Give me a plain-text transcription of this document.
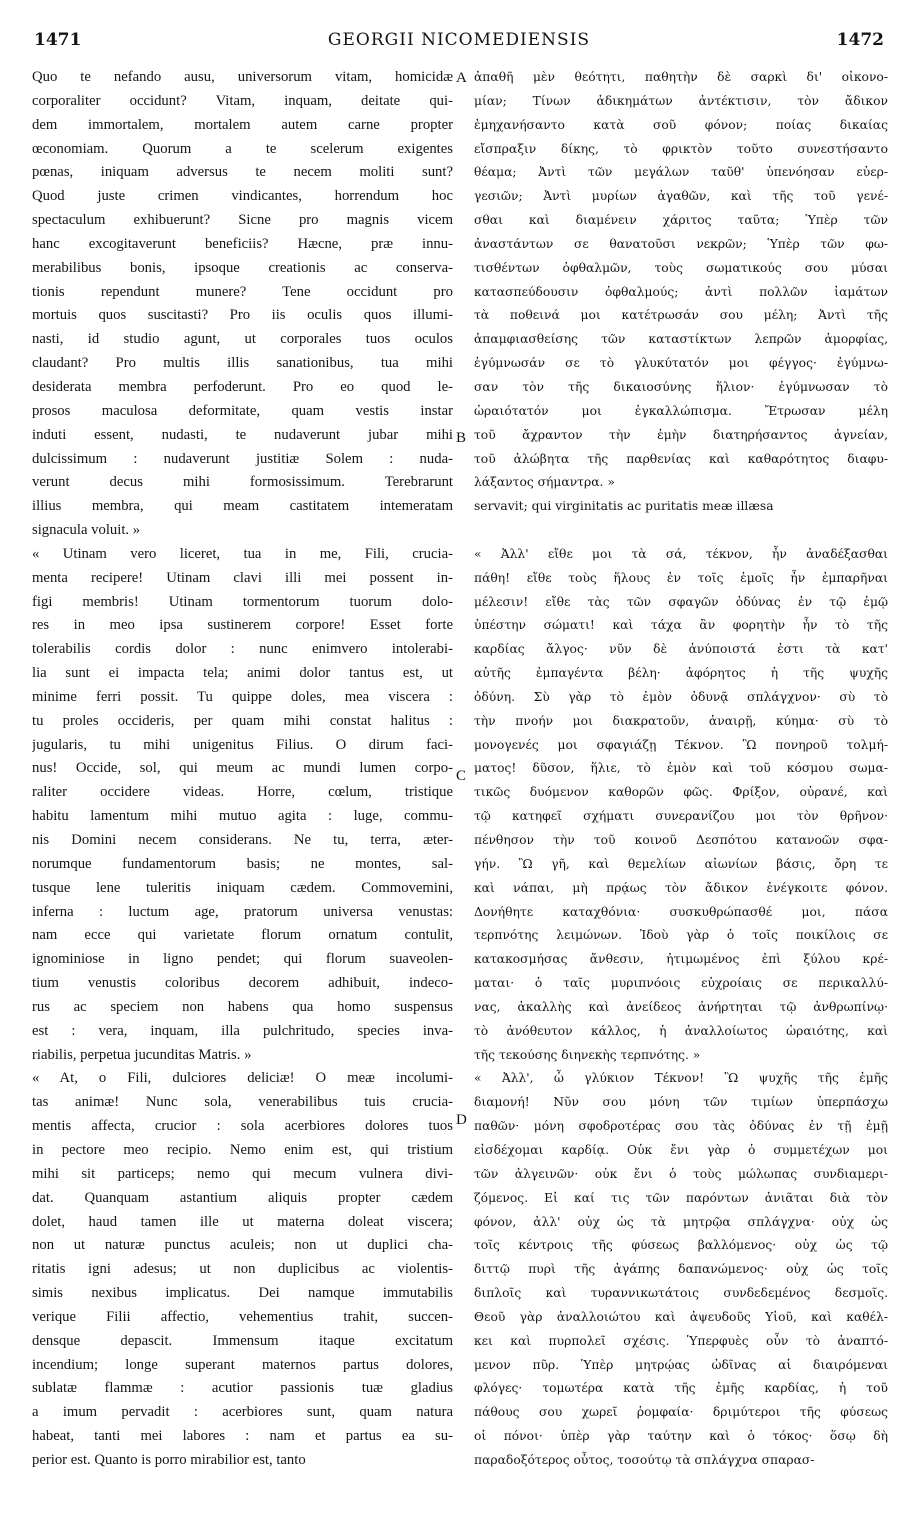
1471	GEORGII NICOMEDIENSIS	1472
Quo te nefando ausu, universorum vitam, homicidæ
corporaliter occidunt? Vitam, inquam, deitate qui-
dem immortalem, mortalem autem carne propter
œconomiam. Quorum a te scelerum exigentes
pœnas, iniquam adversus te necem moliti sunt?
Quod juste crimen vindicantes, horrendum hoc
spectaculum exhibuerunt? Sicne pro magnis vicem
hanc excogitaverunt beneficiis? Hæcne, præ innu-
merabilibus bonis, ipsoque creationis ac conserva-
tionis rependunt munere? Tene occidunt pro
mortuis quos suscitasti? Pro iis oculis quos illumi-
nasti, id studio agunt, ut corporales tuos oculos
claudant? Pro multis illis sanationibus, tua mihi
desiderata membra perfoderunt. Pro eo quod le-
prosos maculosa deformitate, quam vestis instar
induti essent, nudasti, te nudaverunt jubar mihi
dulcissimum : nudaverunt justitiæ Solem : nuda-
verunt decus mihi formosissimum. Terebrarunt
illius membra, qui meam castitatem intemeratam
signacula voluit. »
« Utinam vero liceret, tua in me, Fili, crucia-
menta recipere! Utinam clavi illi mei possent in-
figi membris! Utinam tormentorum tuorum dolo-
res in meo ipsa sustinerem corpore! Esset forte
tolerabilis cordis dolor : nunc enimvero intolerabi-
lia sunt ei impacta tela; animi dolor tantus est, ut
minime ferri possit. Tu quippe doles, mea viscera :
tu proles occideris, per quam mihi constat halitus :
jugularis, tu mihi unigenitus Filius. O dirum faci-
nus! Occide, sol, qui meum ac mundi lumen corpo-
raliter occidere videas. Horre, cœlum, tristique
habitu lamentum mihi mutuo agita : luge, commu-
nis Domini necem considerans. Ne tu, terra, æter-
norumque fundamentorum basis; ne montes, sal-
tusque lene tuleritis iniquam cædem. Commovemini,
inferna : luctum age, pratorum universa venustas:
nam ecce qui varietate florum ornatum contulit,
ignominiose in ligno pendet; qui florum suaveolen-
tium venustis coloribus decorem adhibuit, indeco-
rus ac speciem non habens qua homo suspensus
est : vera, inquam, illa pulchritudo, species inva-
riabilis, perpetua jucunditas Matris. »
« At, o Fili, dulciores deliciæ! O meæ incolumi-
tas animæ! Nunc sola, venerabilibus tuis crucia-
mentis affecta, crucior : sola acerbiores dolores tuos
in pectore meo recipio. Nemo enim est, qui tristium
mihi sit particeps; nemo qui mecum vulnera divi-
dat. Quanquam astantium aliquis propter cædem
dolet, haud tamen ille ut materna doleat viscera;
non ut naturæ punctus aculeis; non ut duplici cha-
ritatis igni adesus; ut non duplicibus ac violentis-
simis nexibus implicatus. Dei namque immutabilis
verique Filii affectio, vehementius trahit, succen-
densque depascit. Immensum itaque excitatum
incendium; longe superant maternos partus dolores,
sublatæ flammæ : acutior passionis tuæ gladius
a imum pervadit : acerbiores sunt, quam natura
habeat, tanti mei labores : nam et partus ea su-
perior est. Quanto is porro mirabilior est, tanto
ἀπαθῆ μὲν θεότητι, παθητὴν δὲ σαρκὶ δι' οἰκονο-
μίαν; Τίνων ἀδικημάτων ἀντέκτισιν, τὸν ἄδικον
ἐμηχανήσαντο κατὰ σοῦ φόνον; ποίας δικαίας
εἴσπραξιν δίκης, τὸ φρικτὸν τοῦτο συνεστήσαντο
θέαμα; Ἀντὶ τῶν μεγάλων ταῦθ' ὑπενόησαν εὐερ-
γεσιῶν; Ἀντὶ μυρίων ἀγαθῶν, καὶ τῆς τοῦ γενέ-
σθαι καὶ διαμένειν χάριτος ταῦτα; Ὑπὲρ τῶν
ἀναστάντων σε θανατοῦσι νεκρῶν; Ὑπὲρ τῶν φω-
τισθέντων ὀφθαλμῶν, τοὺς σωματικούς σου μύσαι
κατασπεύδουσιν ὀφθαλμούς; ἀντὶ πολλῶν ἰαμάτων
τὰ ποθεινά μοι κατέτρωσάν σου μέλη; Ἀντὶ τῆς
ἀπαμφιασθείσης τῶν καταστίκτων λεπρῶν ἀμορφίας,
ἐγύμνωσάν σε τὸ γλυκύτατόν μοι φέγγος· ἐγύμνω-
σαν τὸν τῆς δικαιοσύνης ἥλιον· ἐγύμνωσαν τὸ
ὡραιότατόν μοι ἐγκαλλώπισμα. Ἔτρωσαν μέλη
τοῦ ἄχραντον τὴν ἐμὴν διατηρήσαντος ἁγνείαν,
τοῦ ἀλώβητα τῆς παρθενίας καὶ καθαρότητος διαφυ-
λάξαντος σήμαντρα. »
servavit; qui virginitatis ac puritatis meæ illæsa
« Ἀλλ' εἴθε μοι τὰ σά, τέκνον, ἦν ἀναδέξασθαι
πάθη! εἴθε τοὺς ἥλους ἐν τοῖς ἐμοῖς ἦν ἐμπαρῆναι
μέλεσιν! εἴθε τὰς τῶν σφαγῶν ὀδύνας ἐν τῷ ἐμῷ
ὑπέστην σώματι! καὶ τάχα ἂν φορητὴν ἦν τὸ τῆς
καρδίας ἄλγος· νῦν δὲ ἀνύποιστά ἐστι τὰ κατ'
αὐτῆς ἐμπαγέντα βέλη· ἀφόρητος ἡ τῆς ψυχῆς
ὀδύνη. Σὺ γὰρ τὸ ἐμὸν ὀδυνᾷ σπλάγχνον· σὺ τὸ
τὴν πνοήν μοι διακρατοῦν, ἀναιρῇ, κύημα· σὺ τὸ
μονογενές μοι σφαγιάζῃ Τέκνον. Ὢ πονηροῦ τολμή-
ματος! δῦσον, ἥλιε, τὸ ἐμὸν καὶ τοῦ κόσμου σωμα-
τικῶς δυόμενον καθορῶν φῶς. Φρίξον, οὐρανέ, καὶ
τῷ κατηφεῖ σχήματι συνερανίζου μοι τὸν θρῆνον·
πένθησον τὴν τοῦ κοινοῦ Δεσπότου κατανοῶν σφα-
γήν. Ὢ γῆ, καὶ θεμελίων αἰωνίων βάσις, ὄρη τε
καὶ νάπαι, μὴ πρᾴως τὸν ἄδικον ἐνέγκοιτε φόνον.
Δονήθητε καταχθόνια· συσκυθρώπασθέ μοι, πάσα
τερπνότης λειμώνων. Ἰδοὺ γὰρ ὁ τοῖς ποικίλοις σε
κατακοσμήσας ἄνθεσιν, ἠτιμωμένος ἐπὶ ξύλου κρέ-
μαται· ὁ ταῖς μυριπνόοις εὐχροίαις σε περικαλλύ-
νας, ἀκαλλὴς καὶ ἀνείδεος ἀνήρτηται τῷ ἀνθρωπίνῳ·
τὸ ἀνόθευτον κάλλος, ἡ ἀναλλοίωτος ὡραιότης, καὶ
τῆς τεκούσης διηνεκὴς τερπνότης. »
« Ἀλλ', ὦ γλύκιον Τέκνον! Ὢ ψυχῆς τῆς ἐμῆς
διαμονή! Νῦν σου μόνη τῶν τιμίων ὑπερπάσχω
παθῶν· μόνη σφοδροτέρας σου τὰς ὀδύνας ἐν τῇ ἐμῇ
εἰσδέχομαι καρδίᾳ. Οὐκ ἔνι γὰρ ὁ συμμετέχων μοι
τῶν ἀλγεινῶν· οὐκ ἔνι ὁ τοὺς μώλωπας συνδιαμερι-
ζόμενος. Εἰ καί τις τῶν παρόντων ἀνιᾶται διὰ τὸν
φόνον, ἀλλ' οὐχ ὡς τὰ μητρῷα σπλάγχνα· οὐχ ὡς
τοῖς κέντροις τῆς φύσεως βαλλόμενος· οὐχ ὡς τῷ
διττῷ πυρὶ τῆς ἀγάπης δαπανώμενος· οὐχ ὡς τοῖς
διπλοῖς καὶ τυραννικωτάτοις συνδεδεμένος δεσμοῖς.
Θεοῦ γὰρ ἀναλλοιώτου καὶ ἀψευδοῦς Υἱοῦ, καὶ καθέλ-
κει καὶ πυρπολεῖ σχέσις. Ὑπερφυὲς οὖν τὸ ἀναπτό-
μενον πῦρ. Ὑπὲρ μητρῴας ὠδῖνας αἱ διαιρόμεναι
φλόγες· τομωτέρα κατὰ τῆς ἐμῆς καρδίας, ἡ τοῦ
πάθους σου χωρεῖ ῥομφαία· δριμύτεροι τῆς φύσεως
οἱ πόνοι· ὑπὲρ γὰρ ταύτην καὶ ὁ τόκος· ὅσῳ δὴ
παραδοξότερος οὗτος, τοσούτῳ τὰ σπλάγχνα σπαρασ-
A
B
C
D
